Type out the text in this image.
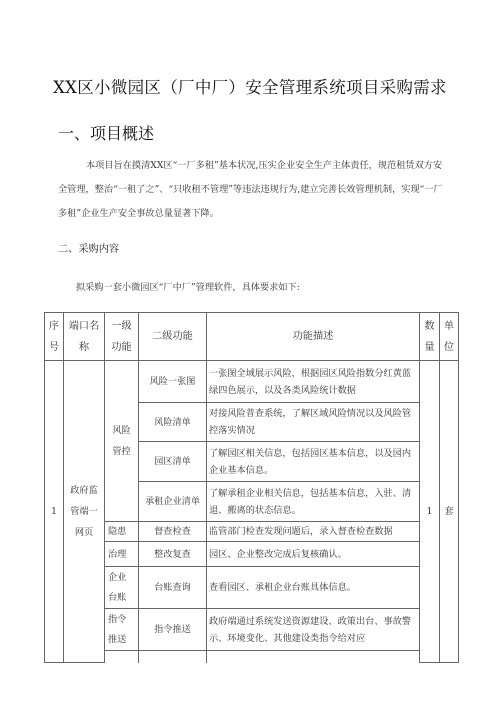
XX区小微园区（厂中厂）安全管理系统项目采购需求
一、项目概述
本项目旨在摸清XX区“一厂多租”基本状况,压实企业安全生产主体责任，规范租赁双方安全管理，整治“一租了之”、“只收租不管理”等违法违规行为,建立完善长效管理机制，实现“一厂多租”企业生产安全事故总量显著下降。
二、采购内容
拟采购一套小微园区“厂中厂”管理软件，具体要求如下:
序号	端口名称	一级功能	二级功能	功能描述	数量	单位
1	政府监管端一网页	风险管控	风险一张图	一张图全域展示风险，根据园区风险指数分红黄蓝绿四色展示，以及各类风险统计数据	1	套
			风险清单	对接风险普查系统，了解区域风险情况以及风险管控落实情况		
			园区清单	了解园区相关信息，包括园区基本信息，以及园内企业基本信息。		
			承租企业清单	了解承租企业相关信息，包括基本信息，入驻、清退、搬离的状态信息。		
		隐患	督查检查	监管部门检查发现问题后，录入督查检查数据		
		治理	整改复查	园区、企业整改完成后复核确认。		
		企业台账	台账查询	查看园区、承租企业台账具体信息。		
		指令推送	指令推送	政府端通过系统发送资源建设、政策出台、事故警示、环境变化、其他建设类指令给对应		
